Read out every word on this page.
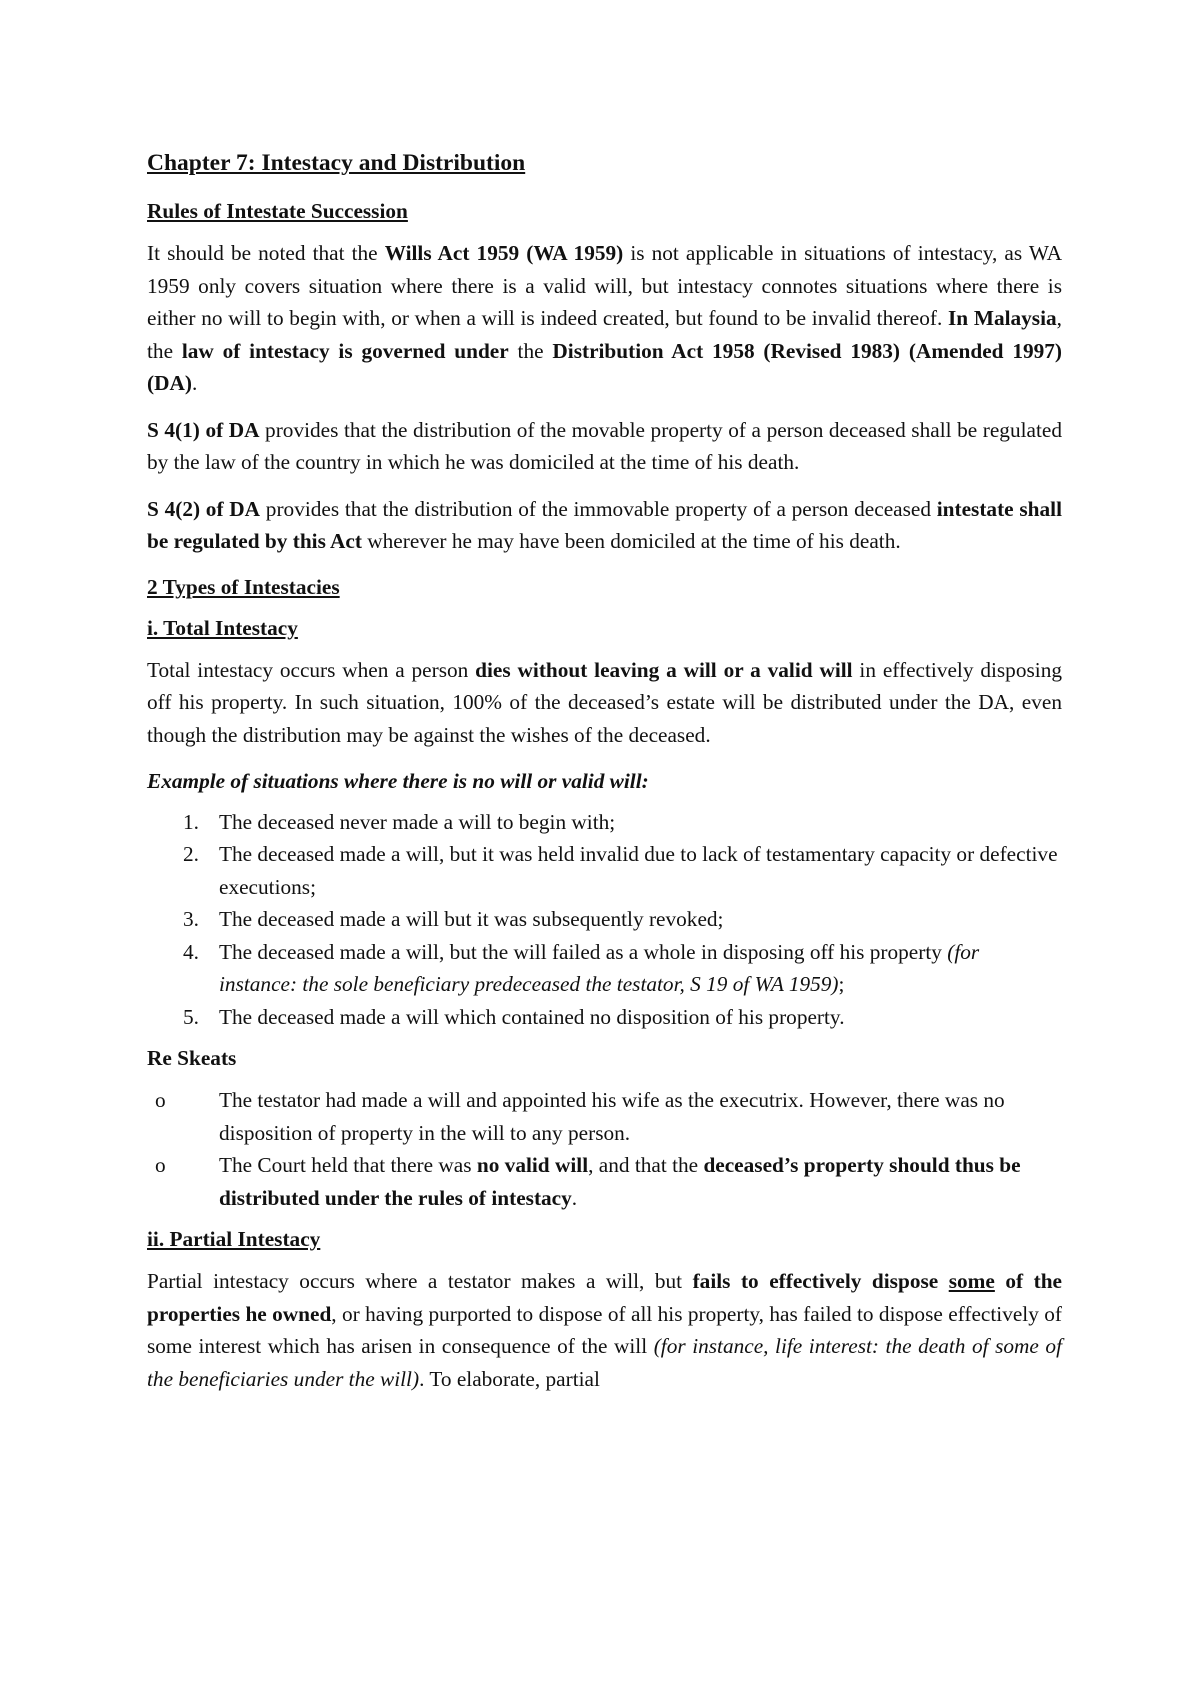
Chapter 7: Intestacy and Distribution
Rules of Intestate Succession

It should be noted that the Wills Act 1959 (WA 1959) is not applicable in situations of intestacy, as WA 1959 only covers situation where there is a valid will, but intestacy connotes situations where there is either no will to begin with, or when a will is indeed created, but found to be invalid thereof. In Malaysia, the law of intestacy is governed under the Distribution Act 1958 (Revised 1983) (Amended 1997) (DA).

S 4(1) of DA provides that the distribution of the movable property of a person deceased shall be regulated by the law of the country in which he was domiciled at the time of his death.

S 4(2) of DA provides that the distribution of the immovable property of a person deceased intestate shall be regulated by this Act wherever he may have been domiciled at the time of his death.

2 Types of Intestacies
i. Total Intestacy

Total intestacy occurs when a person dies without leaving a will or a valid will in effectively disposing off his property. In such situation, 100% of the deceased’s estate will be distributed under the DA, even though the distribution may be against the wishes of the deceased.

Example of situations where there is no will or valid will:

1. The deceased never made a will to begin with;
2. The deceased made a will, but it was held invalid due to lack of testamentary capacity or defective executions;
3. The deceased made a will but it was subsequently revoked;
4. The deceased made a will, but the will failed as a whole in disposing off his property (for instance: the sole beneficiary predeceased the testator, S 19 of WA 1959);
5. The deceased made a will which contained no disposition of his property.
Re Skeats
o	The testator had made a will and appointed his wife as the executrix. However, there was no disposition of property in the will to any person.
o	The Court held that there was no valid will, and that the deceased’s property should thus be distributed under the rules of intestacy.
ii. Partial Intestacy

Partial intestacy occurs where a testator makes a will, but fails to effectively dispose some of the properties he owned, or having purported to dispose of all his property, has failed to dispose effectively of some interest which has arisen in consequence of the will (for instance, life interest: the death of some of the beneficiaries under the will). To elaborate, partial
